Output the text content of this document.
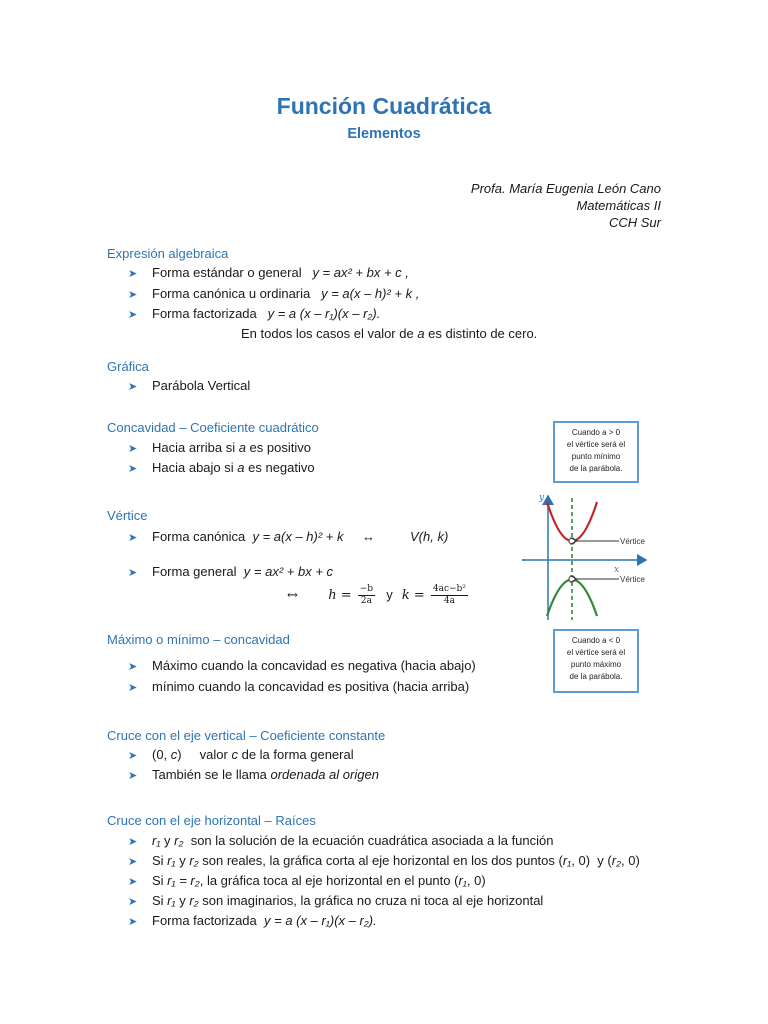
Función Cuadrática
Elementos
Profa. María Eugenia León Cano
Matemáticas II
CCH Sur
Expresión algebraica
➤ Forma estándar o general y = ax² + bx + c ,
➤ Forma canónica u ordinaria y = a(x – h)² + k ,
➤ Forma factorizada y = a (x – r₁)(x – r₂).
En todos los casos el valor de a es distinto de cero.
Gráfica
➤ Parábola Vertical
Concavidad – Coeficiente cuadrático
➤ Hacia arriba si a es positivo
➤ Hacia abajo si a es negativo
Vértice
➤ Forma canónica y = a(x – h)² + k ↔	V(h, k)
➤ Forma general y = ax² + bx + c
↔ $h = \frac{-b}{2a}$ y $k = \frac{\text{4ac−b²}}{4a}$
Máximo o mínimo – concavidad
➤ Máximo cuando la concavidad es negativa (hacia abajo)
➤ mínimo cuando la concavidad es positiva (hacia arriba)
Cruce con el eje vertical – Coeficiente constante
➤ (0, c)     valor c de la forma general
➤ También se le llama ordenada al origen
Cruce con el eje horizontal – Raíces
➤ r₁ y r₂  son la solución de la ecuación cuadrática asociada a la función
➤ Si r₁ y r₂ son reales, la gráfica corta al eje horizontal en los dos puntos (r₁, 0)  y (r₂, 0)
➤ Si r₁ = r₂, la gráfica toca al eje horizontal en el punto (r₁, 0)
➤ Si r₁ y r₂ son imaginarios, la gráfica no cruza ni toca al eje horizontal
➤ Forma factorizada y = a (x – r₁)(x – r₂).
Cuando a > 0
el vértice será el
punto mínimo
de la parábola.
Cuando a < 0
el vértice será el
punto máximo
de la parábola.
Vértice
Vértice
y
x
